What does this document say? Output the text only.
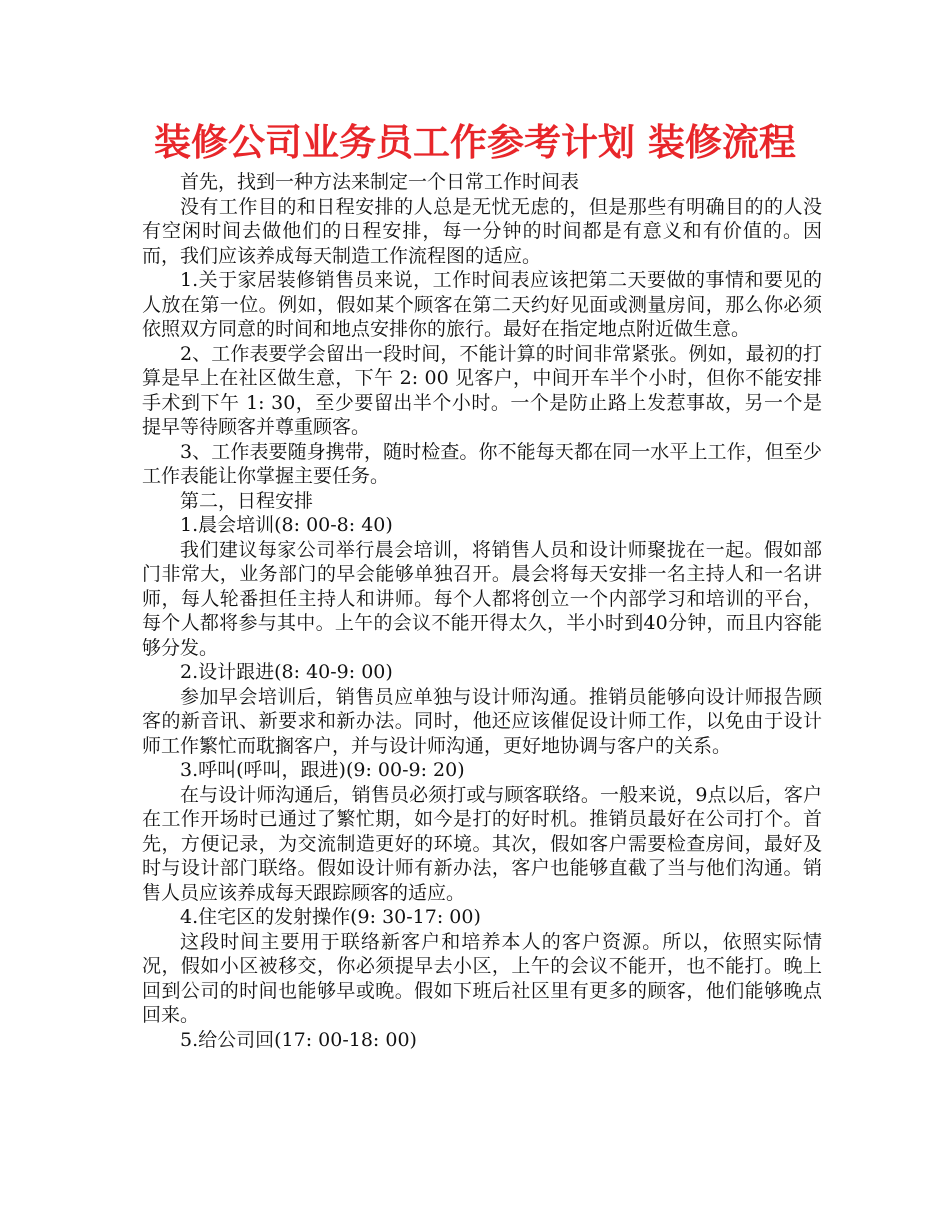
装修公司业务员工作参考计划 装修流程

首先，找到一种方法来制定一个日常工作时间表

没有工作目的和日程安排的人总是无忧无虑的，但是那些有明确目的的人没有空闲时间去做他们的日程安排，每一分钟的时间都是有意义和有价值的。因而，我们应该养成每天制造工作流程图的适应。

1.关于家居装修销售员来说，工作时间表应该把第二天要做的事情和要见的人放在第一位。例如，假如某个顾客在第二天约好见面或测量房间，那么你必须依照双方同意的时间和地点安排你的旅行。最好在指定地点附近做生意。

2、工作表要学会留出一段时间，不能计算的时间非常紧张。例如，最初的打算是早上在社区做生意，下午 2: 00 见客户，中间开车半个小时，但你不能安排手术到下午 1: 30，至少要留出半个小时。一个是防止路上发惹事故，另一个是提早等待顾客并尊重顾客。

3、工作表要随身携带，随时检查。你不能每天都在同一水平上工作，但至少工作表能让你掌握主要任务。

第二，日程安排

1.晨会培训(8: 00-8: 40)

我们建议每家公司举行晨会培训，将销售人员和设计师聚拢在一起。假如部门非常大，业务部门的早会能够单独召开。晨会将每天安排一名主持人和一名讲师，每人轮番担任主持人和讲师。每个人都将创立一个内部学习和培训的平台，每个人都将参与其中。上午的会议不能开得太久，半小时到40分钟，而且内容能够分发。

2.设计跟进(8: 40-9: 00)

参加早会培训后，销售员应单独与设计师沟通。推销员能够向设计师报告顾客的新音讯、新要求和新办法。同时，他还应该催促设计师工作，以免由于设计师工作繁忙而耽搁客户，并与设计师沟通，更好地协调与客户的关系。

3.呼叫(呼叫，跟进)(9: 00-9: 20)

在与设计师沟通后，销售员必须打或与顾客联络。一般来说，9点以后，客户在工作开场时已通过了繁忙期，如今是打的好时机。推销员最好在公司打个。首先，方便记录，为交流制造更好的环境。其次，假如客户需要检查房间，最好及时与设计部门联络。假如设计师有新办法，客户也能够直截了当与他们沟通。销售人员应该养成每天跟踪顾客的适应。

4.住宅区的发射操作(9: 30-17: 00)

这段时间主要用于联络新客户和培养本人的客户资源。所以，依照实际情况，假如小区被移交，你必须提早去小区，上午的会议不能开，也不能打。晚上回到公司的时间也能够早或晚。假如下班后社区里有更多的顾客，他们能够晚点回来。

5.给公司回(17: 00-18: 00)
